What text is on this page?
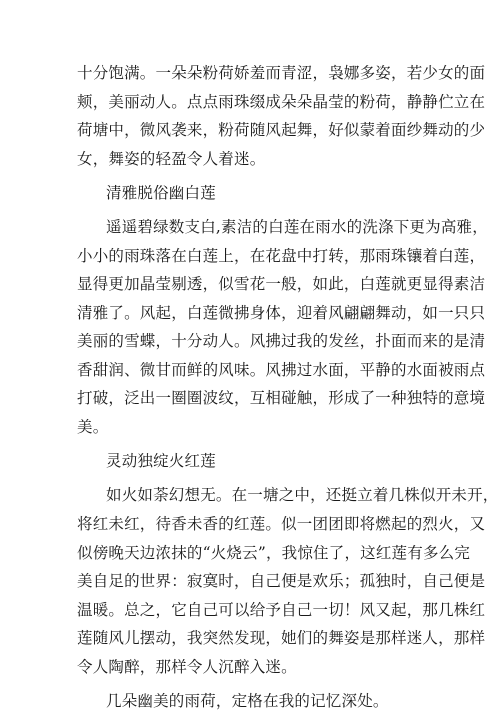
十分饱满。一朵朵粉荷娇羞而青涩，袅娜多姿，若少女的面
颊，美丽动人。点点雨珠缀成朵朵晶莹的粉荷，静静伫立在
荷塘中，微风袭来，粉荷随风起舞，好似蒙着面纱舞动的少
女，舞姿的轻盈令人着迷。
清雅脱俗幽白莲
遥遥碧绿数支白,素洁的白莲在雨水的洗涤下更为高雅，
小小的雨珠落在白莲上，在花盘中打转，那雨珠镶着白莲，
显得更加晶莹剔透，似雪花一般，如此，白莲就更显得素洁
清雅了。风起，白莲微拂身体，迎着风翩翩舞动，如一只只
美丽的雪蝶，十分动人。风拂过我的发丝，扑面而来的是清
香甜润、微甘而鲜的风味。风拂过水面，平静的水面被雨点
打破，泛出一圈圈波纹，互相碰触，形成了一种独特的意境
美。
灵动独绽火红莲
如火如荼幻想无。在一塘之中，还挺立着几株似开未开，
将红未红，待香未香的红莲。似一团团即将燃起的烈火，又
似傍晚天边浓抹的“火烧云”，我惊住了，这红莲有多么完
美自足的世界：寂寞时，自己便是欢乐；孤独时，自己便是
温暖。总之，它自己可以给予自己一切！风又起，那几株红
莲随风儿摆动，我突然发现，她们的舞姿是那样迷人，那样
令人陶醉，那样令人沉醉入迷。
几朵幽美的雨荷，定格在我的记忆深处。
